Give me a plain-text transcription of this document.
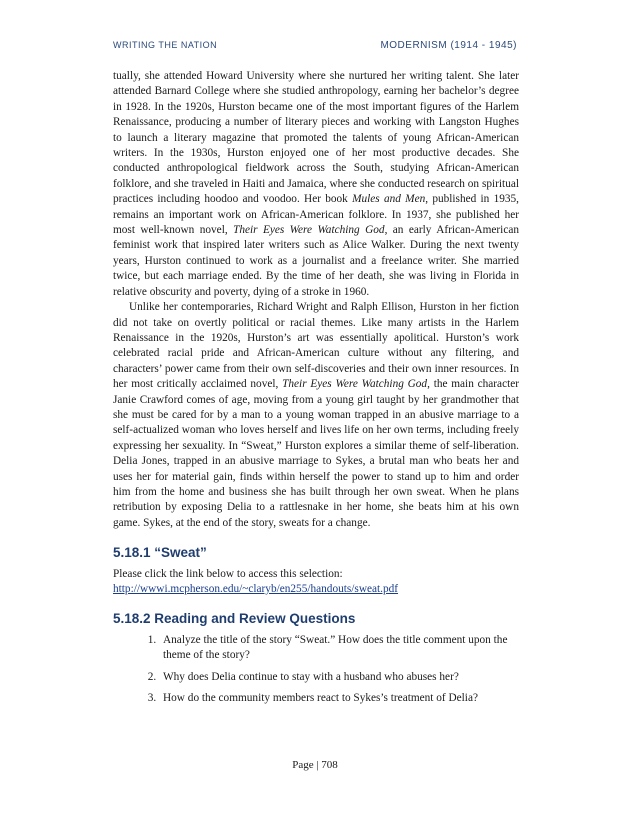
WRITING THE NATION	MODERNISM (1914 - 1945)

tually, she attended Howard University where she nurtured her writing talent. She later attended Barnard College where she studied anthropology, earning her bachelor’s degree in 1928. In the 1920s, Hurston became one of the most important figures of the Harlem Renaissance, producing a number of literary pieces and working with Langston Hughes to launch a literary magazine that promoted the talents of young African-American writers. In the 1930s, Hurston enjoyed one of her most productive decades. She conducted anthropological fieldwork across the South, studying African-American folklore, and she traveled in Haiti and Jamaica, where she conducted research on spiritual practices including hoodoo and voodoo. Her book Mules and Men, published in 1935, remains an important work on African-American folklore. In 1937, she published her most well-known novel, Their Eyes Were Watching God, an early African-American feminist work that inspired later writers such as Alice Walker. During the next twenty years, Hurston continued to work as a journalist and a freelance writer. She married twice, but each marriage ended. By the time of her death, she was living in Florida in relative obscurity and poverty, dying of a stroke in 1960.

Unlike her contemporaries, Richard Wright and Ralph Ellison, Hurston in her fiction did not take on overtly political or racial themes. Like many artists in the Harlem Renaissance in the 1920s, Hurston’s art was essentially apolitical. Hurston’s work celebrated racial pride and African-American culture without any filtering, and characters’ power came from their own self-discoveries and their own inner resources. In her most critically acclaimed novel, Their Eyes Were Watching God, the main character Janie Crawford comes of age, moving from a young girl taught by her grandmother that she must be cared for by a man to a young woman trapped in an abusive marriage to a self-actualized woman who loves herself and lives life on her own terms, including freely expressing her sexuality. In “Sweat,” Hurston explores a similar theme of self-liberation. Delia Jones, trapped in an abusive marriage to Sykes, a brutal man who beats her and uses her for material gain, finds within herself the power to stand up to him and order him from the home and business she has built through her own sweat. When he plans retribution by exposing Delia to a rattlesnake in her home, she beats him at his own game. Sykes, at the end of the story, sweats for a change.

5.18.1 “Sweat”

Please click the link below to access this selection:

http://wwwi.mcpherson.edu/~claryb/en255/handouts/sweat.pdf

5.18.2 Reading and Review Questions
1. Analyze the title of the story “Sweat.” How does the title comment upon the theme of the story?
2. Why does Delia continue to stay with a husband who abuses her?
3. How do the community members react to Sykes’s treatment of Delia?
Page | 708
